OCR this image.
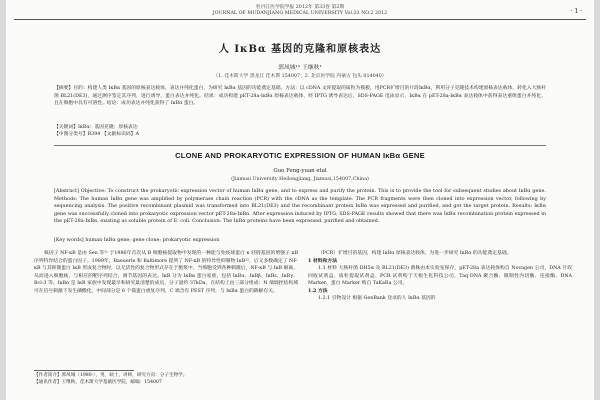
牡丹江医学院学报 2012年 第33卷 第2期
JOURNAL OF MUDANJIANG MEDICAL UNIVERSITY Vol.33 NO.2 2012	· 1 ·
人 IκBα 基因的克隆和原核表达
郭凤城¹² 王继秋¹
（1. 佳木斯大学 黑龙江 佳木斯 154007；2. 北京医学院 内蒙古 包头 014040）
【摘要】目的：构建人类 IκBα 基因的原核表达载体，表达并纯化蛋白，为研究 IκBα 基因的功能奠定基础。方法：以 cDNA 文库提取的质粒为模板，用PCR扩增目的片段IκBα，利用分子克隆技术构建原核表达载体，转化入大肠杆菌 BL21(DE3)，通过测序鉴定其序列，进行诱导，蛋白表达并纯化。结果：成功构建 pET-28a-IκBα 原核表达载体，经 IPTG 诱导表达后，SDS-PAGE 电泳显示，IκBα 在 pET-28a-IκBα 表达载体中获得表达重组蛋白并纯化，且在细胞中具有可溶性。结论：成功表达并纯化获得了 IκBα 蛋白。
【关键词】IκBα；基因克隆；原核表达
【中图分类号】R394 【文献标识码】A
CLONE AND PROKARYOTIC EXPRESSION OF HUMAN IκBα GENE
Guo Feng-yuan etal
(Jiamusi University Heilongjiang, Jiamusi,154007,China)
[Abstract] Objective: To construct the prokaryotic expression vector of human IκBα gene, and to express and purify the protein. This is to provide the tool for subsequent studies about IκBα gene. Methods: The human IκBα gene was amplified by polymerase chain reaction (PCR) with the cDNA as the template. The PCR fragments were then cloned into expression vector, following by sequencing analysis. The positive recombinant plasmid was transformed into BL21(DE3) and the recombinant protein IκBα was expressed and purified, and got the target protein. Results: IκBα gene was successfully cloned into prokaryotic expression vector pET-28a-IκBα. After expression induced by IPTG, SDS-PAGE results showed that there was IκBα recombination protein expressed in the pET-28a-IκBα, existing as soluble protein of E. coli. Conclusion: The IκBα proteins have been expressed, purified and obtained.
[Key words] human IκBα gene; gene clone; prokaryotic expression

核因子 NF-κB 是由 Sen 等¹¹ 于1986年首次从 B 细胞核提取物中发现的一种能与免疫球蛋白 κ 轻链基因的增强子 κB 序列特异结合的蛋白因子。1989年，Baeuerle 和 Baltimore 提到了 NF-κB 的特异性抑制物 IκB¹²，后又多数确定了 NF-κB 与其抑制蛋白 IκB 形成复合物时，以无活性的复合物形式存在于胞浆中，当细胞受到各种刺激后，NF-κB 与 IκB 解离，从而进入细胞核，与相应的靶序列结合，调节基因的表达。IκB 分为 IκBα 蛋白家族，包括 IκBα、IκBβ、IκBε、IκBγ、Bcl-3 等。IκBα 是 IκB 家族中发现最早和研究最清楚的成员，分子量约 37kDa，在结构上由三部分组成：N 端调控结构域可在信号刺激下发生磷酸化，中间部分是 6 个锚蛋白重复序列，C 端含有 PEST 序列，与 IκBα 蛋白的降解有关。

（PCR）扩增目的基因，构建 IκBα 原核表达载体，为进一步研究 IκBα 的功能奠定基础。

1 材料和方法

1.1 材料 大肠杆菌 DH5α 及 BL21(DE3) 菌株由本实验室保存，pET-28a 表达载体购自 Novagen 公司，DNA 片段回收试剂盒、质粒提取试剂盒、PCR 试剂购于天根生化科技公司，Taq DNA 聚合酶、限制性内切酶、连接酶、DNA Marker、蛋白 Marker 购自 TaKaRa 公司。

1.2 方法

1.2.1 引物设计 根据 GenBank 登录的人 IκBα 基因的

【作者简介】郭凤城（1980-），男，硕士，讲师，研究方向：分子生物学。

【通讯作者】王继秋，佳木斯大学基础医学院，邮编：154007
